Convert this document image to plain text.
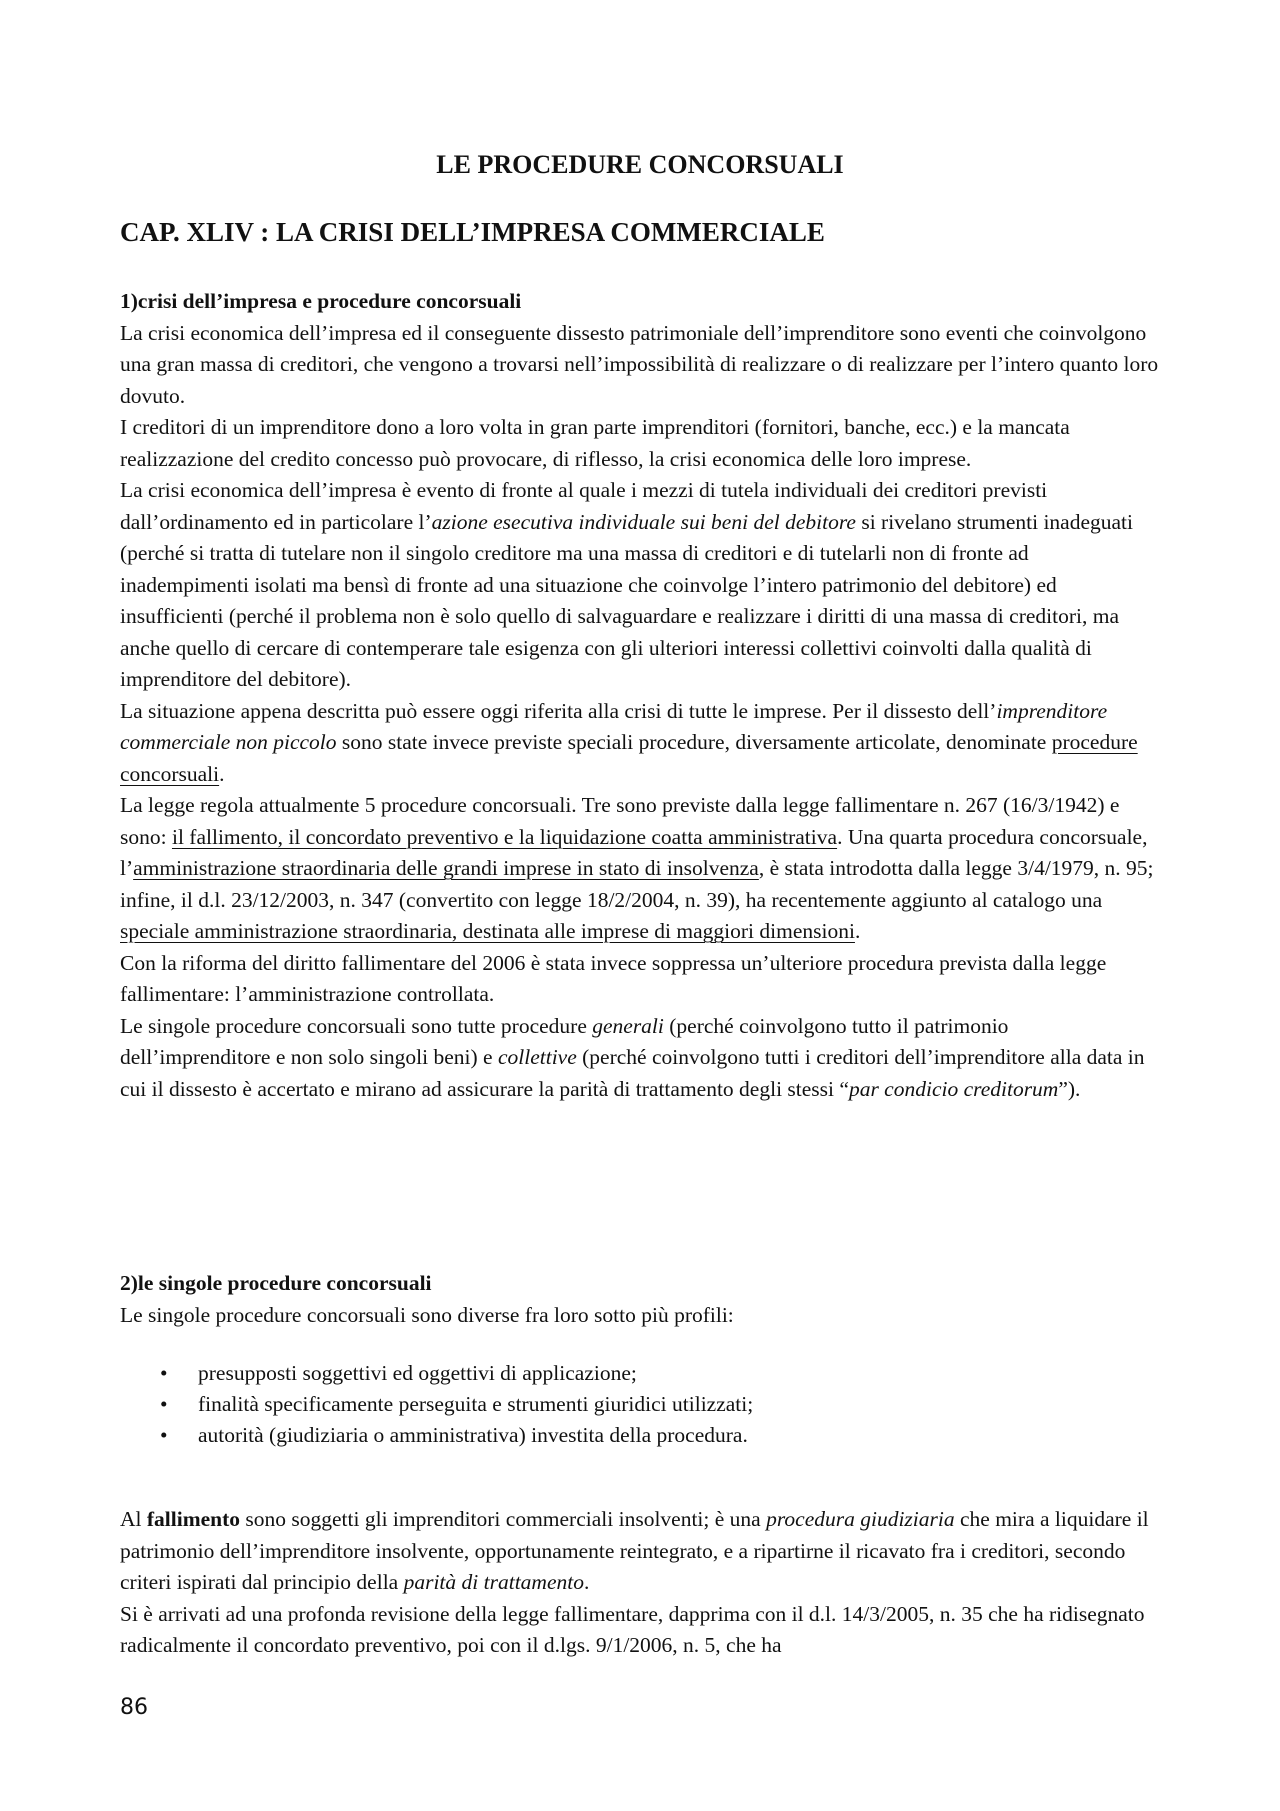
LE PROCEDURE CONCORSUALI
CAP. XLIV : LA CRISI DELL’IMPRESA COMMERCIALE

1)crisi dell’impresa e procedure concorsuali

La crisi economica dell’impresa ed il conseguente dissesto patrimoniale dell’imprenditore sono eventi che coinvolgono una gran massa di creditori, che vengono a trovarsi nell’impossibilità di realizzare o di realizzare per l’intero quanto loro dovuto.

I creditori di un imprenditore dono a loro volta in gran parte imprenditori (fornitori, banche, ecc.) e la mancata realizzazione del credito concesso può provocare, di riflesso, la crisi economica delle loro imprese.

La crisi economica dell’impresa è evento di fronte al quale i mezzi di tutela individuali dei creditori previsti dall’ordinamento ed in particolare l’azione esecutiva individuale sui beni del debitore si rivelano strumenti inadeguati (perché si tratta di tutelare non il singolo creditore ma una massa di creditori e di tutelarli non di fronte ad inadempimenti isolati ma bensì di fronte ad una situazione che coinvolge l’intero patrimonio del debitore) ed insufficienti (perché il problema non è solo quello di salvaguardare e realizzare i diritti di una massa di creditori, ma anche quello di cercare di contemperare tale esigenza con gli ulteriori interessi collettivi coinvolti dalla qualità di imprenditore del debitore).

La situazione appena descritta può essere oggi riferita alla crisi di tutte le imprese. Per il dissesto dell’imprenditore commerciale non piccolo sono state invece previste speciali procedure, diversamente articolate, denominate procedure concorsuali.

La legge regola attualmente 5 procedure concorsuali. Tre sono previste dalla legge fallimentare n. 267 (16/3/1942) e sono: il fallimento, il concordato preventivo e la liquidazione coatta amministrativa. Una quarta procedura concorsuale, l’amministrazione straordinaria delle grandi imprese in stato di insolvenza, è stata introdotta dalla legge 3/4/1979, n. 95; infine, il d.l. 23/12/2003, n. 347 (convertito con legge 18/2/2004, n. 39), ha recentemente aggiunto al catalogo una speciale amministrazione straordinaria, destinata alle imprese di maggiori dimensioni.

Con la riforma del diritto fallimentare del 2006 è stata invece soppressa un’ulteriore procedura prevista dalla legge fallimentare: l’amministrazione controllata.

Le singole procedure concorsuali sono tutte procedure generali (perché coinvolgono tutto il patrimonio dell’imprenditore e non solo singoli beni) e collettive (perché coinvolgono tutti i creditori dell’imprenditore alla data in cui il dissesto è accertato e mirano ad assicurare la parità di trattamento degli stessi “par condicio creditorum”).

2)le singole procedure concorsuali

Le singole procedure concorsuali sono diverse fra loro sotto più profili:

• presupposti soggettivi ed oggettivi di applicazione;
• finalità specificamente perseguita e strumenti giuridici utilizzati;
• autorità (giudiziaria o amministrativa) investita della procedura.

Al fallimento sono soggetti gli imprenditori commerciali insolventi; è una procedura giudiziaria che mira a liquidare il patrimonio dell’imprenditore insolvente, opportunamente reintegrato, e a ripartirne il ricavato fra i creditori, secondo criteri ispirati dal principio della parità di trattamento.

Si è arrivati ad una profonda revisione della legge fallimentare, dapprima con il d.l. 14/3/2005, n. 35 che ha ridisegnato radicalmente il concordato preventivo, poi con il d.lgs. 9/1/2006, n. 5, che ha

86
